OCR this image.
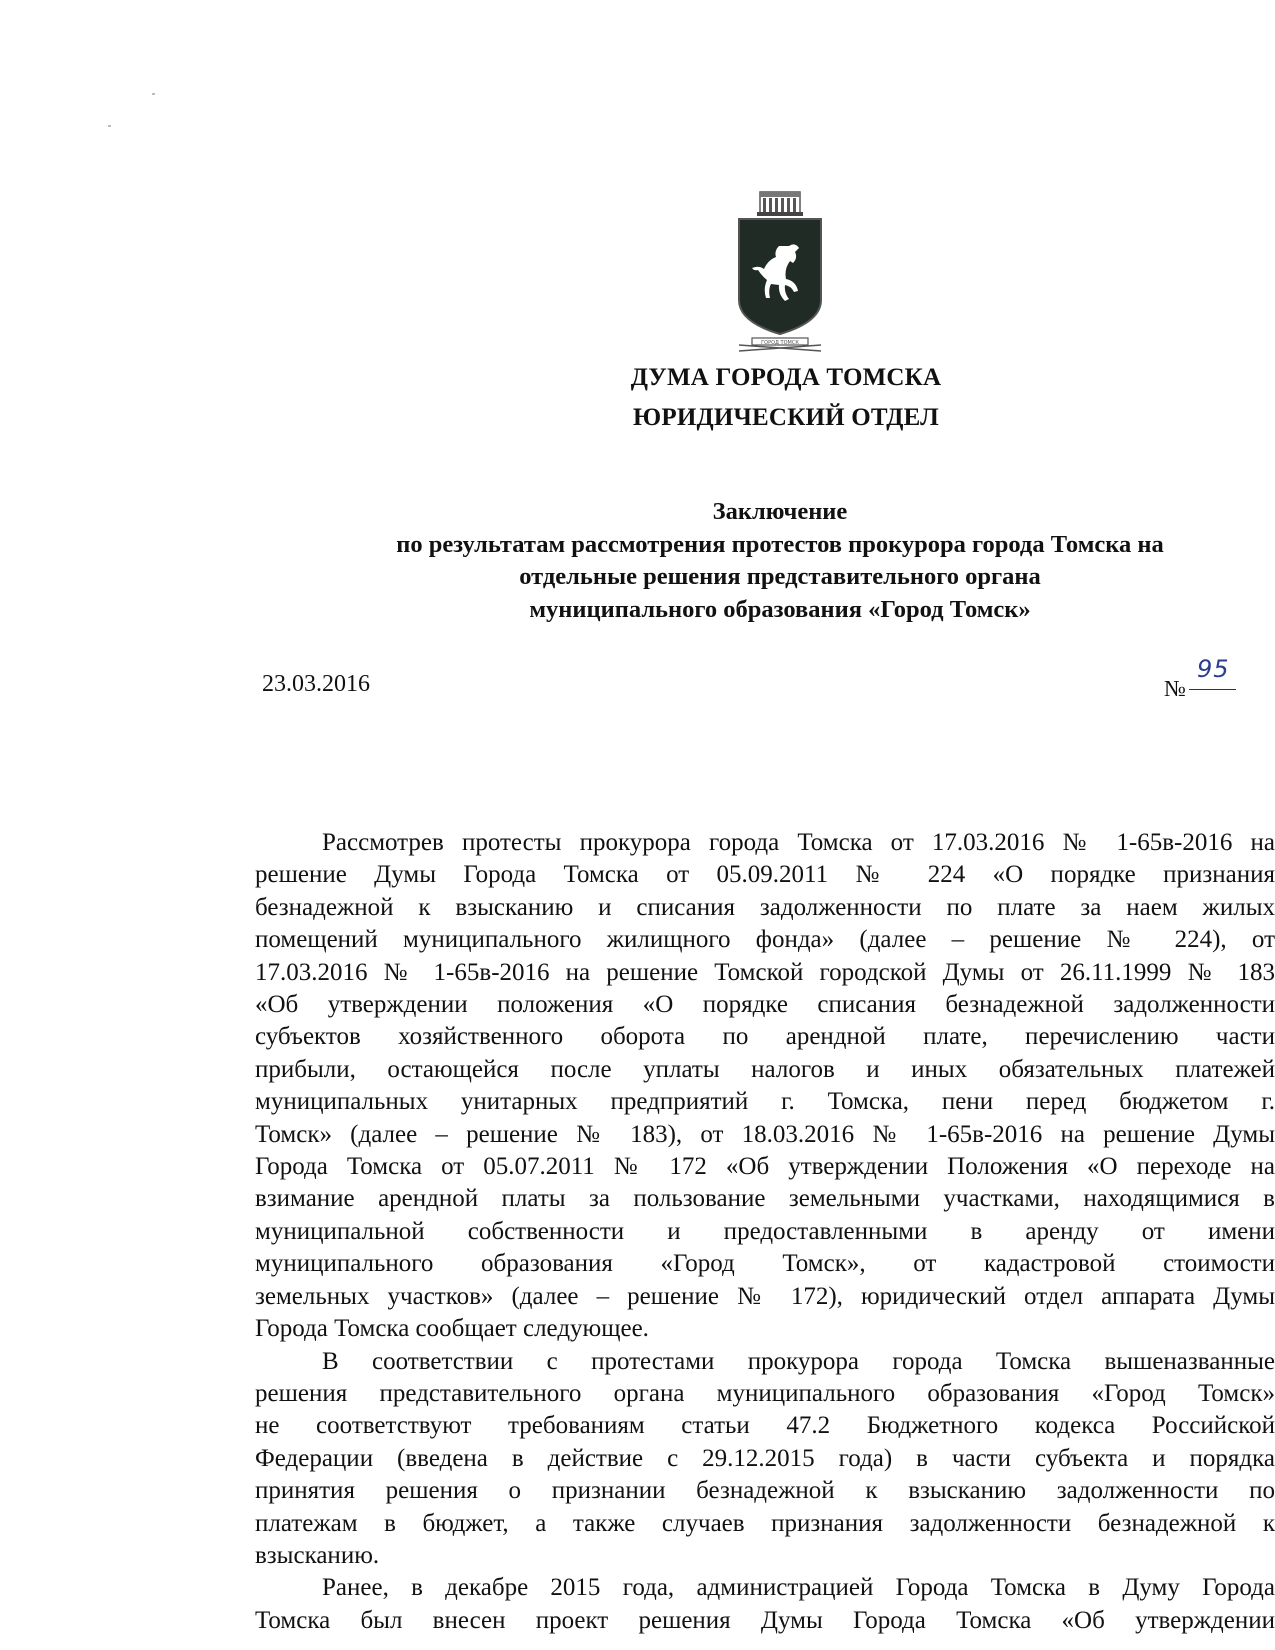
ГОРОД ТОМСК
ДУМА ГОРОДА ТОМСКА
ЮРИДИЧЕСКИЙ ОТДЕЛ
Заключение
по результатам рассмотрения протестов прокурора города Томска на
отдельные решения представительного органа
муниципального образования «Город Томск»
23.03.2016	№
95
Рассмотрев протесты прокурора города Томска от 17.03.2016 № 1-65в-2016 на
решение Думы Города Томска от 05.09.2011 № 224 «О порядке признания
безнадежной к взысканию и списания задолженности по плате за наем жилых
помещений муниципального жилищного фонда» (далее – решение № 224), от
17.03.2016 № 1-65в-2016 на решение Томской городской Думы от 26.11.1999 № 183
«Об утверждении положения «О порядке списания безнадежной задолженности
субъектов хозяйственного оборота по арендной плате, перечислению части
прибыли, остающейся после уплаты налогов и иных обязательных платежей
муниципальных унитарных предприятий г. Томска, пени перед бюджетом г.
Томск» (далее – решение № 183), от 18.03.2016 № 1-65в-2016 на решение Думы
Города Томска от 05.07.2011 № 172 «Об утверждении Положения «О переходе на
взимание арендной платы за пользование земельными участками, находящимися в
муниципальной собственности и предоставленными в аренду от имени
муниципального образования «Город Томск», от кадастровой стоимости
земельных участков» (далее – решение № 172), юридический отдел аппарата Думы
Города Томска сообщает следующее.
В соответствии с протестами прокурора города Томска вышеназванные
решения представительного органа муниципального образования «Город Томск»
не соответствуют требованиям статьи 47.2 Бюджетного кодекса Российской
Федерации (введена в действие с 29.12.2015 года) в части субъекта и порядка
принятия решения о признании безнадежной к взысканию задолженности по
платежам в бюджет, а также случаев признания задолженности безнадежной к
взысканию.
Ранее, в декабре 2015 года, администрацией Города Томска в Думу Города
Томска был внесен проект решения Думы Города Томска «Об утверждении
